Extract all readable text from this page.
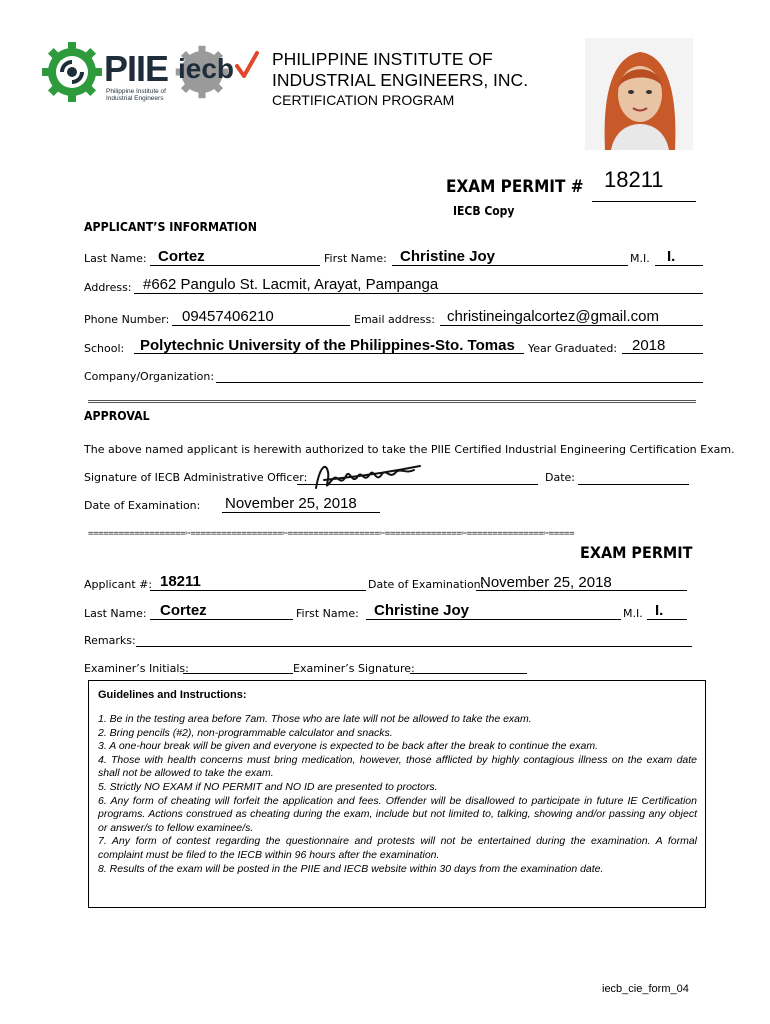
PIIE
Philippine Institute of
Industrial Engineers
iecb PHILIPPINE INSTITUTE OF
INDUSTRIAL ENGINEERS, INC.
CERTIFICATION PROGRAM
EXAM PERMIT # 18211
IECB Copy
APPLICANT’S INFORMATION
Last Name: Cortez	First Name: Christine Joy	M.I. I.
Address: #662 Pangulo St. Lacmit, Arayat, Pampanga
Phone Number: 09457406210	Email address: christineingalcortez@gmail.com
School: Polytechnic University of the Philippines-Sto. Tomas Year Graduated: 2018
Company/Organization:
APPROVAL
The above named applicant is herewith authorized to take the PIIE Certified Industrial Engineering Certification Exam.
Signature of IECB Administrative Officer:	Date:
Date of Examination: November 25, 2018
===================✂==================✂==================✂===============✂===============✂=====
EXAM PERMIT
Applicant #: 18211	Date of Examination:
November 25, 2018
Last Name: Cortez	First Name: Christine Joy	M.I. I.
Remarks:
Examiner’s Initials:	Examiner’s Signature:
Guidelines and Instructions:

1. Be in the testing area before 7am. Those who are late will not be allowed to take the exam.

2. Bring pencils (#2), non-programmable calculator and snacks.

3. A one-hour break will be given and everyone is expected to be back after the break to continue the exam.

4. Those with health concerns must bring medication, however, those afflicted by highly contagious illness on the exam date shall not be allowed to take the exam.

5. Strictly NO EXAM if NO PERMIT and NO ID are presented to proctors.

6. Any form of cheating will forfeit the application and fees. Offender will be disallowed to participate in future IE Certification programs. Actions construed as cheating during the exam, include but not limited to, talking, showing and/or passing any object or answer/s to fellow examinee/s.

7. Any form of contest regarding the questionnaire and protests will not be entertained during the examination. A formal complaint must be filed to the IECB within 96 hours after the examination.

8. Results of the exam will be posted in the PIIE and IECB website within 30 days from the examination date.

iecb_cie_form_04
